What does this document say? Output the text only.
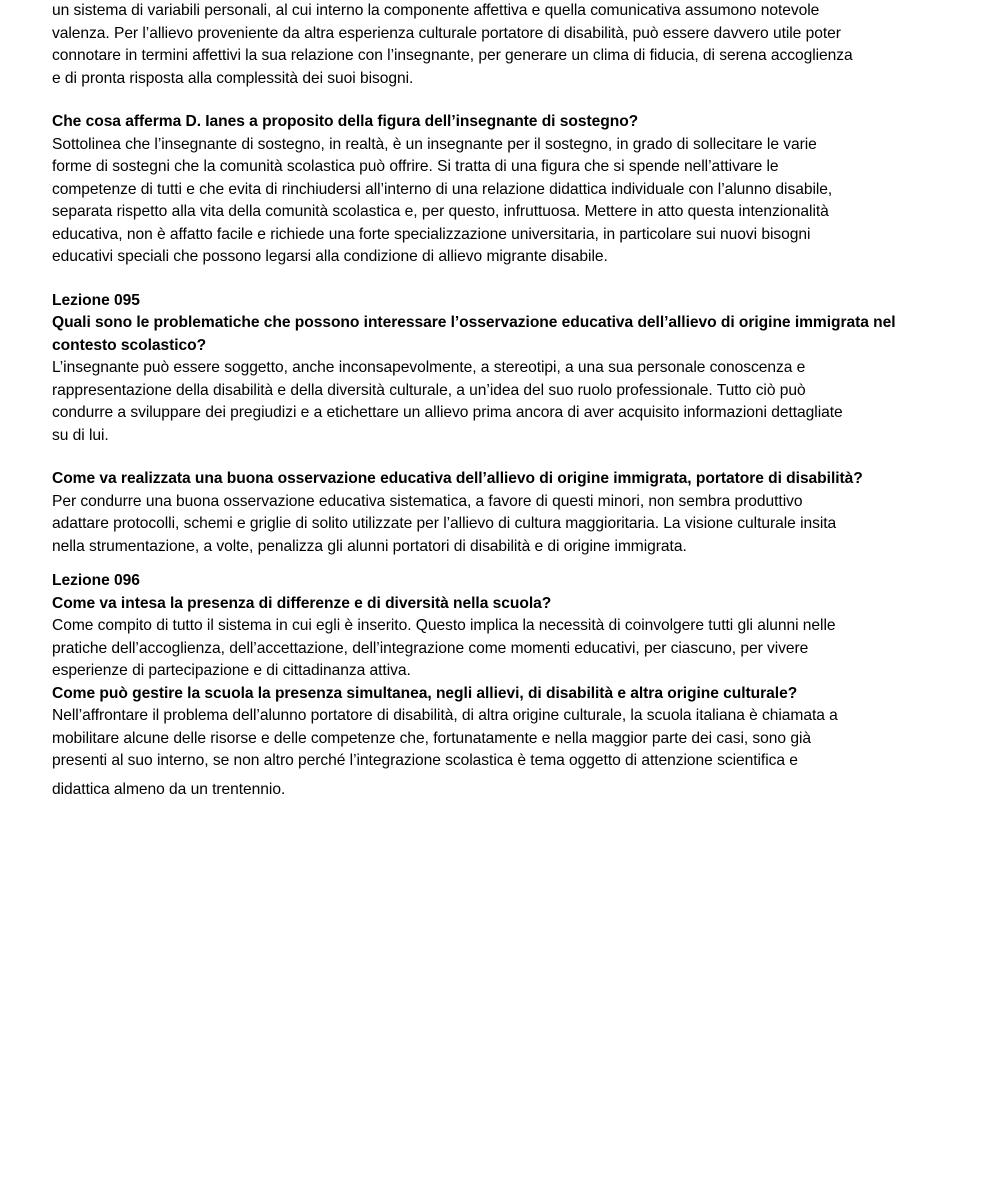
un sistema di variabili personali, al cui interno la componente affettiva e quella comunicativa assumono notevole

valenza. Per l’allievo proveniente da altra esperienza culturale portatore di disabilità, può essere davvero utile poter

connotare in termini affettivi la sua relazione con l’insegnante, per generare un clima di fiducia, di serena accoglienza

e di pronta risposta alla complessità dei suoi bisogni.

Che cosa afferma D. Ianes a proposito della figura dell’insegnante di sostegno?

Sottolinea che l’insegnante di sostegno, in realtà, è un insegnante per il sostegno, in grado di sollecitare le varie

forme di sostegni che la comunità scolastica può offrire. Si tratta di una figura che si spende nell’attivare le

competenze di tutti e che evita di rinchiudersi all’interno di una relazione didattica individuale con l’alunno disabile,

separata rispetto alla vita della comunità scolastica e, per questo, infruttuosa. Mettere in atto questa intenzionalità

educativa, non è affatto facile e richiede una forte specializzazione universitaria, in particolare sui nuovi bisogni

educativi speciali che possono legarsi alla condizione di allievo migrante disabile.

Lezione 095

Quali sono le problematiche che possono interessare l’osservazione educativa dell’allievo di origine immigrata nel

contesto scolastico?

L’insegnante può essere soggetto, anche inconsapevolmente, a stereotipi, a una sua personale conoscenza e

rappresentazione della disabilità e della diversità culturale, a un’idea del suo ruolo professionale. Tutto ciò può

condurre a sviluppare dei pregiudizi e a etichettare un allievo prima ancora di aver acquisito informazioni dettagliate

su di lui.

Come va realizzata una buona osservazione educativa dell’allievo di origine immigrata, portatore di disabilità?

Per condurre una buona osservazione educativa sistematica, a favore di questi minori, non sembra produttivo

adattare protocolli, schemi e griglie di solito utilizzate per l’allievo di cultura maggioritaria. La visione culturale insita

nella strumentazione, a volte, penalizza gli alunni portatori di disabilità e di origine immigrata.

Lezione 096

Come va intesa la presenza di differenze e di diversità nella scuola?

Come compito di tutto il sistema in cui egli è inserito. Questo implica la necessità di coinvolgere tutti gli alunni nelle

pratiche dell’accoglienza, dell’accettazione, dell’integrazione come momenti educativi, per ciascuno, per vivere

esperienze di partecipazione e di cittadinanza attiva.

Come può gestire la scuola la presenza simultanea, negli allievi, di disabilità e altra origine culturale?

Nell’affrontare il problema dell’alunno portatore di disabilità, di altra origine culturale, la scuola italiana è chiamata a

mobilitare alcune delle risorse e delle competenze che, fortunatamente e nella maggior parte dei casi, sono già

presenti al suo interno, se non altro perché l’integrazione scolastica è tema oggetto di attenzione scientifica e

didattica almeno da un trentennio.
